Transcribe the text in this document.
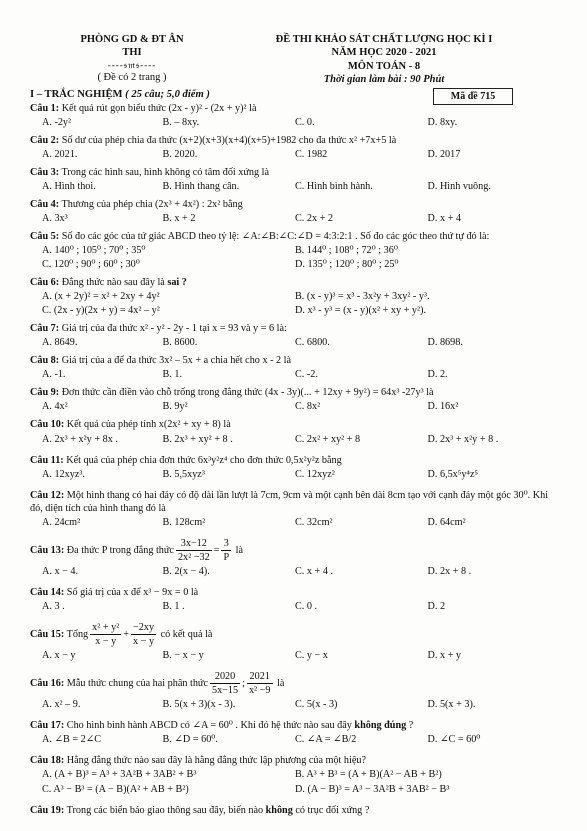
PHÒNG GD & ĐT ÂN THI
----𝔰𝔪𝔰----
( Đề có 2 trang )
ĐỀ THI KHẢO SÁT CHẤT LƯỢNG HỌC KÌ I
NĂM HỌC 2020 - 2021
MÔN TOÁN - 8
Thời gian làm bài : 90 Phút
Mã đề 715
I – TRẮC NGHIỆM ( 25 câu; 5,0 điểm )
Câu 1: Kết quả rút gọn biểu thức (2x - y)² - (2x + y)² là
A. -2y²	B. – 8xy.	C. 0.	D. 8xy.
Câu 2: Số dư của phép chia đa thức (x+2)(x+3)(x+4)(x+5)+1982 cho đa thức x² +7x+5 là
A. 2021.	B. 2020.	C. 1982	D. 2017
Câu 3: Trong các hình sau, hình không có tâm đối xứng là
A. Hình thoi.	B. Hình thang cân.	C. Hình bình hành.	D. Hình vuông.
Câu 4: Thương của phép chia (2x³ + 4x²) : 2x² bằng
A. 3x³	B. x + 2	C. 2x + 2	D. x + 4
Câu 5: Số đo các góc của tứ giác ABCD theo tỷ lệ: ∠A:∠B:∠C:∠D = 4:3:2:1 . Số đo các góc theo thứ tự đó là:
A. 140⁰ ; 105⁰ ; 70⁰ ; 35⁰	B. 144⁰ ; 108⁰ ; 72⁰ ; 36⁰
C. 120⁰ ; 90⁰ ; 60⁰ ; 30⁰	D. 135⁰ ; 120⁰ ; 80⁰ ; 25⁰
Câu 6: Đẳng thức nào sau đây là sai ?
A. (x + 2y)² = x² + 2xy + 4y²	B. (x - y)³ = x³ - 3x²y + 3xy² - y³.
C. (2x - y)(2x + y) = 4x² – y²	D. x³ - y³ = (x - y)(x² + xy + y²).
Câu 7: Giá trị của đa thức x² - y² - 2y - 1 tại x = 93 và y = 6 là:
A. 8649.	B. 8600.	C. 6800.	D. 8698.
Câu 8: Giá trị của a để đa thức 3x² – 5x + a chia hết cho x - 2 là
A. -1.	B. 1.	C. -2.	D. 2.
Câu 9: Đơn thức cần điền vào chỗ trống trong đẳng thức (4x - 3y)(... + 12xy + 9y²) = 64x³ -27y³ là
A. 4x²	B. 9y²	C. 8x²	D. 16x²
Câu 10: Kết quả của phép tính x(2x² + xy + 8) là
A. 2x³ + x²y + 8x .	B. 2x³ + xy² + 8 .	C. 2x² + xy² + 8	D. 2x³ + x²y + 8 .
Câu 11: Kết quả của phép chia đơn thức 6x³y²z⁴ cho đơn thức 0,5x²y²z bằng
A. 12xyz³.	B. 5,5xyz³	C. 12xyz²	D. 6,5x⁵y⁴z⁵
Câu 12: Một hình thang có hai đáy có độ dài lần lượt là 7cm, 9cm và một cạnh bên dài 8cm tạo với cạnh đáy một góc 30⁰. Khi đó, diện tích của hình thang đó là
A. 24cm²	B. 128cm²	C. 32cm²	D. 64cm²
Câu 13: Đa thức P trong đẳng thức $\frac{3x-12}{\text{2x² −32}} = \frac{3}{P}$ là
A. x − 4.	B. 2(x − 4).	C. x + 4 .	D. 2x + 8 .
Câu 14: Số giá trị của x để x³ − 9x = 0 là
A. 3 .	B. 1 .	C. 0 .	D. 2
Câu 15: Tổng $\frac{\text{x² + y²}}{x - y} + \frac{-2xy}{x - y}$ có kết quả là
A. x − y	B. − x − y	C. y − x	D. x + y
Câu 16: Mẫu thức chung của hai phân thức $\frac{2020}{5x-15}$ ; $\frac{2021}{\text{x² −9}}$ là
A. x² – 9.	B. 5(x + 3)(x - 3).	C. 5(x - 3)	D. 5(x + 3).
Câu 17: Cho hình bình hành ABCD có ∠A = 60⁰ . Khi đó hệ thức nào sau đây không đúng ?
A. ∠B = 2∠C	B. ∠D = 60⁰.	C. ∠A = ∠B/2	D. ∠C = 60⁰
Câu 18: Hằng đẳng thức nào sau đây là hằng đẳng thức lập phương của một hiệu?
A. (A + B)³ = A³ + 3A²B + 3AB² + B³	B. A³ + B³ = (A + B)(A² − AB + B²)
C. A³ − B³ = (A − B)(A² + AB + B²)	D. (A − B)³ = A³ − 3A²B + 3AB² − B³
Câu 19: Trong các biển báo giao thông sau đây, biển nào không có trục đối xứng ?
